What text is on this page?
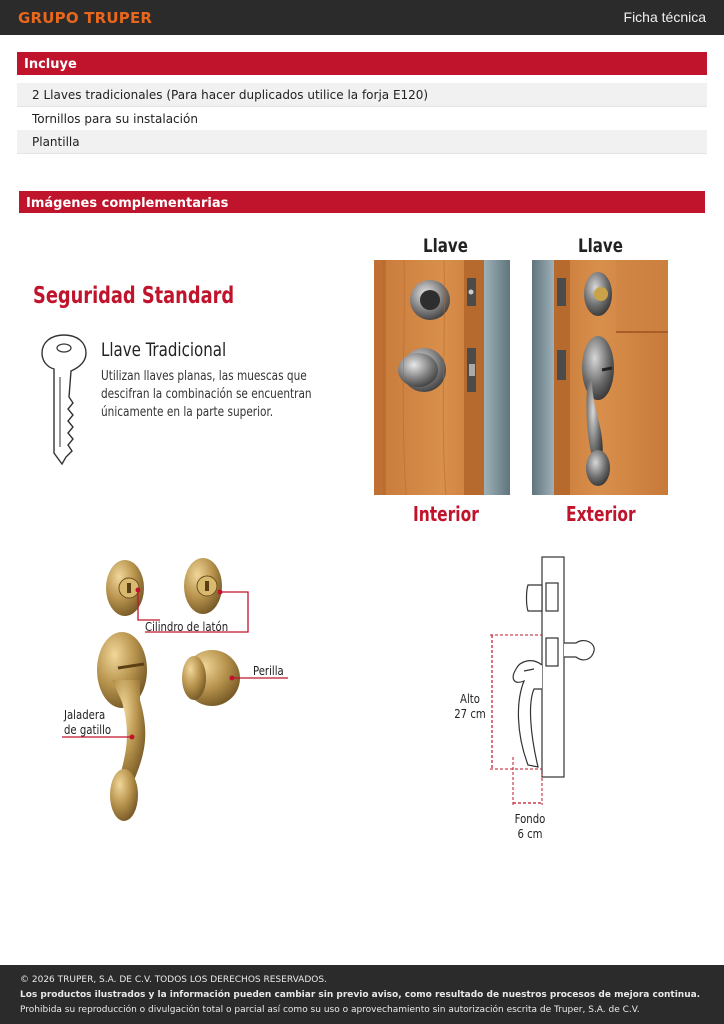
GRUPO TRUPER	Ficha técnica
Incluye
2 Llaves tradicionales (Para hacer duplicados utilice la forja E120)
Tornillos para su instalación
Plantilla
Imágenes complementarias
Seguridad Standard
Llave Tradicional
Utilizan llaves planas, las muescas que descifran la combinación se encuentran únicamente en la parte superior.
Llave	Llave
Interior	Exterior
Cilindro de latón
Perilla
Jaladera
de gatillo
Alto
27 cm
Fondo
6 cm
© 2026 TRUPER, S.A. DE C.V. TODOS LOS DERECHOS RESERVADOS.
Los productos ilustrados y la información pueden cambiar sin previo aviso, como resultado de nuestros procesos de mejora continua.
Prohibida su reproducción o divulgación total o parcial así como su uso o aprovechamiento sin autorización escrita de Truper, S.A. de C.V.
